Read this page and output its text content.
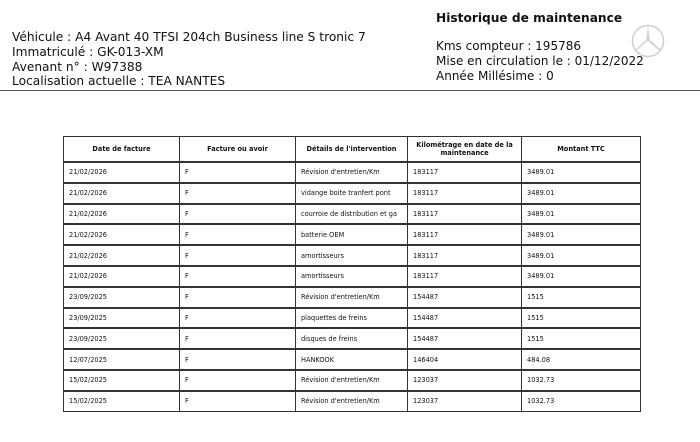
Véhicule : A4 Avant 40 TFSI 204ch Business line S tronic 7
Immatriculé : GK-013-XM
Avenant n° : W97388
Localisation actuelle : TEA NANTES
Historique de maintenance
Kms compteur : 195786
Mise en circulation le : 01/12/2022
Année Millésime : 0
Date de facture	Facture ou avoir	Détails de l'intervention	Kilométrage en date de la maintenance	Montant TTC
21/02/2026	F	Révision d'entretien/Km	183117	3489.01
21/02/2026	F	vidange boite tranfert pont	183117	3489.01
21/02/2026	F	courroie de distribution et ga	183117	3489.01
21/02/2026	F	batterie OEM	183117	3489.01
21/02/2026	F	amortisseurs	183117	3489.01
21/02/2026	F	amortisseurs	183117	3489.01
23/09/2025	F	Révision d'entretien/Km	154487	1515
23/09/2025	F	plaquettes de freins	154487	1515
23/09/2025	F	disques de freins	154487	1515
12/07/2025	F	HANKOOK	146404	484.08
15/02/2025	F	Révision d'entretien/Km	123037	1032.73
15/02/2025	F	Révision d'entretien/Km	123037	1032.73
